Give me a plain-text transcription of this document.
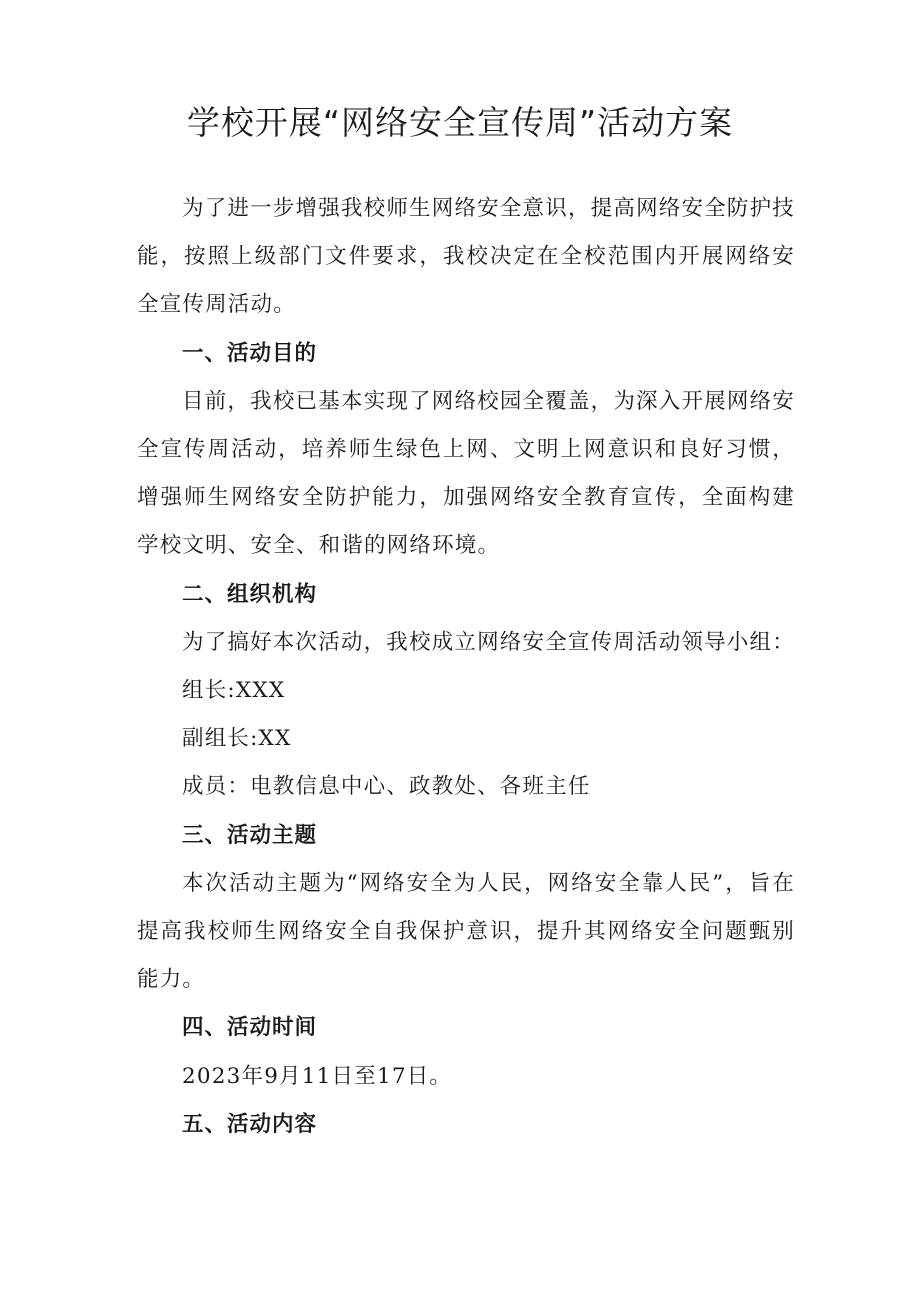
学校开展“网络安全宣传周”活动方案

为了进一步增强我校师生网络安全意识，提高网络安全防护技能，按照上级部门文件要求，我校决定在全校范围内开展网络安全宣传周活动。

一、活动目的

目前，我校已基本实现了网络校园全覆盖，为深入开展网络安全宣传周活动，培养师生绿色上网、文明上网意识和良好习惯，增强师生网络安全防护能力，加强网络安全教育宣传，全面构建学校文明、安全、和谐的网络环境。

二、组织机构

为了搞好本次活动，我校成立网络安全宣传周活动领导小组：

组长:XXX

副组长:XX

成员：电教信息中心、政教处、各班主任

三、活动主题

本次活动主题为“网络安全为人民，网络安全靠人民”，旨在提高我校师生网络安全自我保护意识，提升其网络安全问题甄别能力。

四、活动时间

2023年9月11日至17日。

五、活动内容
